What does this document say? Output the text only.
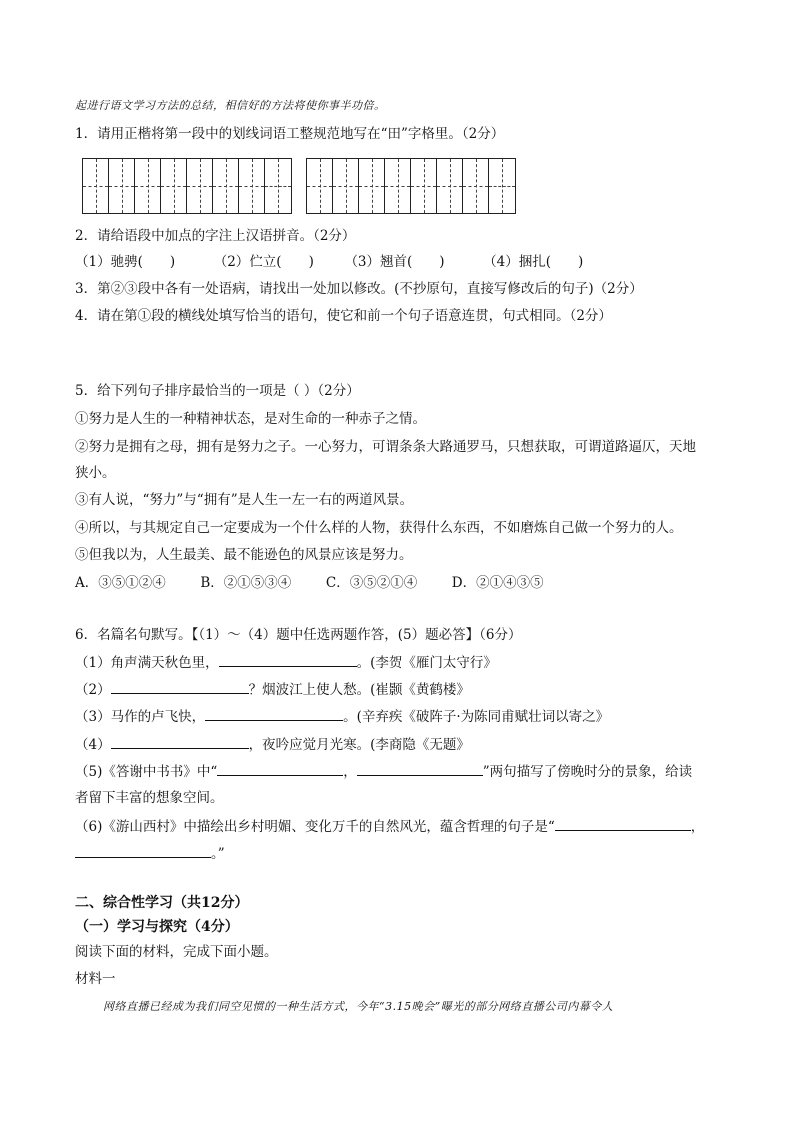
起进行语文学习方法的总结，相信好的方法将使你事半功倍。
1．请用正楷将第一段中的划线词语工整规范地写在“田”字格里。（2分）
2．请给语段中加点的字注上汉语拼音。（2分）
（1）驰骋(　　)	（2）伫立(　　) （3）翘首(　　)	（4）捆扎(　　)
3．第②③段中各有一处语病，请找出一处加以修改。(不抄原句，直接写修改后的句子)（2分）
4．请在第①段的横线处填写恰当的语句，使它和前一个句子语意连贯，句式相同。（2分）
5．给下列句子排序最恰当的一项是（ ）（2分）
①努力是人生的一种精神状态，是对生命的一种赤子之情。
②努力是拥有之母，拥有是努力之子。一心努力，可谓条条大路通罗马，只想获取，可谓道路逼仄，天地
狭小。
③有人说，“努力”与“拥有”是人生一左一右的两道风景。
④所以，与其规定自己一定要成为一个什么样的人物，获得什么东西，不如磨炼自己做一个努力的人。
⑤但我以为，人生最美、最不能逊色的风景应该是努力。
A．③⑤①②④	B．②①⑤③④	C．③⑤②①④	D．②①④③⑤
6．名篇名句默写。【（1）～（4）题中任选两题作答，(5）题必答】（6分）
（1）角声满天秋色里，	。(李贺《雁门太守行》
（2）	？烟波江上使人愁。(崔颢《黄鹤楼》
（3）马作的卢飞快，	。(辛弃疾《破阵子·为陈同甫赋壮词以寄之》
（4）	，夜吟应觉月光寒。(李商隐《无题》
（5)《答谢中书书》中“	，	”两句描写了傍晚时分的景象，给读
者留下丰富的想象空间。
（6)《游山西村》中描绘出乡村明媚、变化万千的自然风光，蕴含哲理的句子是“	，
。”
二、综合性学习（共12分）
（一）学习与探究（4分）
阅读下面的材料，完成下面小题。
材料一
网络直播已经成为我们同空见惯的一种生活方式，今年“3.15晚会”曝光的部分网络直播公司内幕令人
